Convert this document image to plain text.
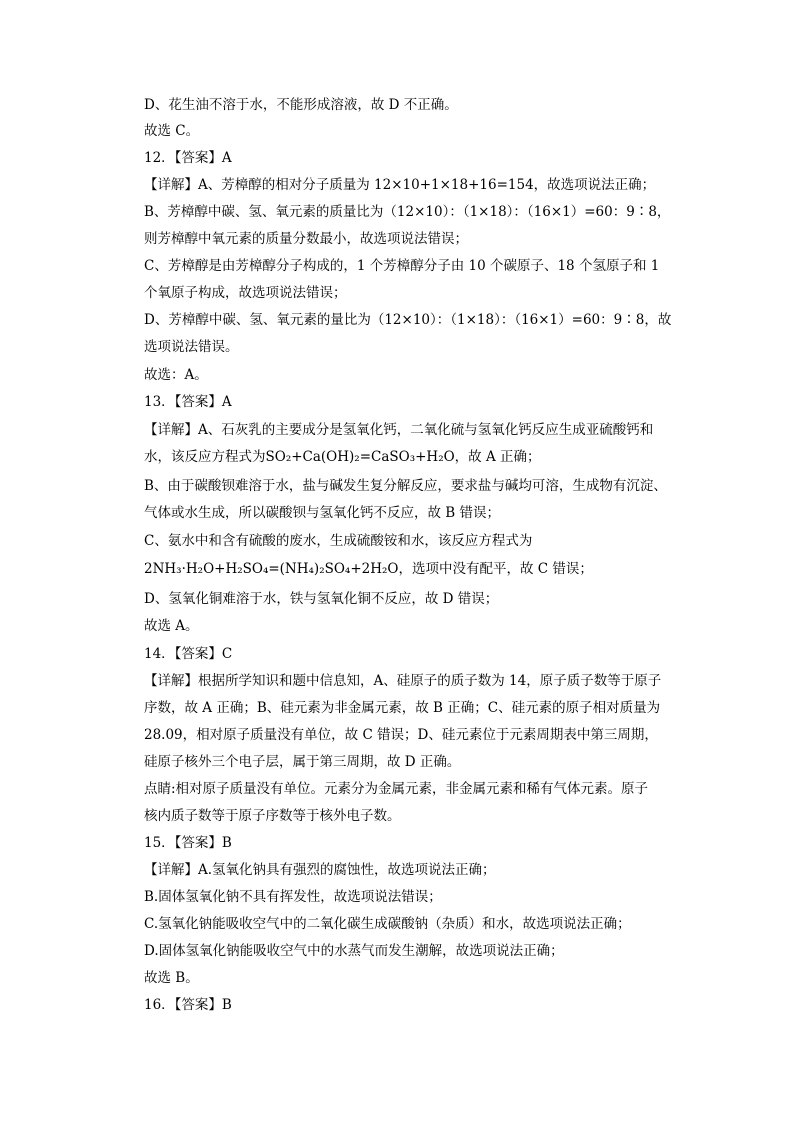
D、花生油不溶于水，不能形成溶液，故 D 不正确。
故选 C。
12．【答案】A
【详解】A、芳樟醇的相对分子质量为 12×10+1×18+16=154，故选项说法正确；
B、芳樟醇中碳、氢、氧元素的质量比为（12×10）：（1×18）：（16×1）=60：9∶8，
则芳樟醇中氧元素的质量分数最小，故选项说法错误；
C、芳樟醇是由芳樟醇分子构成的，1 个芳樟醇分子由 10 个碳原子、18 个氢原子和 1
个氧原子构成，故选项说法错误；
D、芳樟醇中碳、氢、氧元素的量比为（12×10）：（1×18）：（16×1）=60：9∶8，故
选项说法错误。
故选：A。
13．【答案】A
【详解】A、石灰乳的主要成分是氢氧化钙，二氧化硫与氢氧化钙反应生成亚硫酸钙和
水，该反应方程式为SO₂+Ca(OH)₂=CaSO₃+H₂O，故 A 正确；
B、由于碳酸钡难溶于水，盐与碱发生复分解反应，要求盐与碱均可溶，生成物有沉淀、
气体或水生成，所以碳酸钡与氢氧化钙不反应，故 B 错误；
C、氨水中和含有硫酸的废水，生成硫酸铵和水，该反应方程式为
2NH₃·H₂O+H₂SO₄=(NH₄)₂SO₄+2H₂O，选项中没有配平，故 C 错误；
D、氢氧化铜难溶于水，铁与氢氧化铜不反应，故 D 错误；
故选 A。
14．【答案】C
【详解】根据所学知识和题中信息知，A、硅原子的质子数为 14，原子质子数等于原子
序数，故 A 正确；B、硅元素为非金属元素，故 B 正确；C、硅元素的原子相对质量为
28.09，相对原子质量没有单位，故 C 错误；D、硅元素位于元素周期表中第三周期，
硅原子核外三个电子层，属于第三周期，故 D 正确。
点睛:相对原子质量没有单位。元素分为金属元素，非金属元素和稀有气体元素。原子
核内质子数等于原子序数等于核外电子数。
15．【答案】B
【详解】A.氢氧化钠具有强烈的腐蚀性，故选项说法正确；
B.固体氢氧化钠不具有挥发性，故选项说法错误；
C.氢氧化钠能吸收空气中的二氧化碳生成碳酸钠（杂质）和水，故选项说法正确；
D.固体氢氧化钠能吸收空气中的水蒸气而发生潮解，故选项说法正确；
故选 B。
16．【答案】B
